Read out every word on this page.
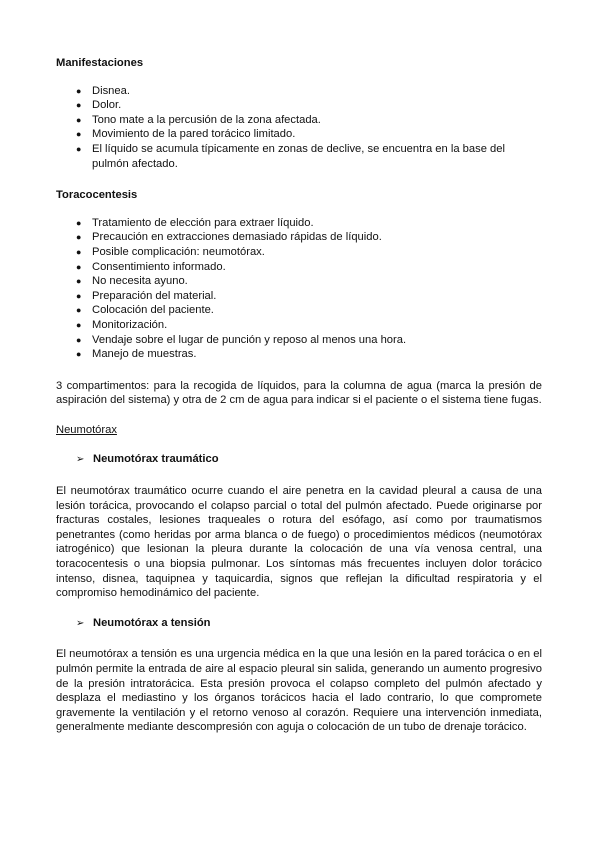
Manifestaciones
● Disnea.
● Dolor.
● Tono mate a la percusión de la zona afectada.
● Movimiento de la pared torácico limitado.
● El líquido se acumula típicamente en zonas de declive, se encuentra en la base del pulmón afectado.
Toracocentesis
● Tratamiento de elección para extraer líquido.
● Precaución en extracciones demasiado rápidas de líquido.
● Posible complicación: neumotórax.
● Consentimiento informado.
● No necesita ayuno.
● Preparación del material.
● Colocación del paciente.
● Monitorización.
● Vendaje sobre el lugar de punción y reposo al menos una hora.
● Manejo de muestras.

3 compartimentos: para la recogida de líquidos, para la columna de agua (marca la presión de aspiración del sistema) y otra de 2 cm de agua para indicar si el paciente o el sistema tiene fugas.

Neumotórax
➢ Neumotórax traumático

El neumotórax traumático ocurre cuando el aire penetra en la cavidad pleural a causa de una lesión torácica, provocando el colapso parcial o total del pulmón afectado. Puede originarse por fracturas costales, lesiones traqueales o rotura del esófago, así como por traumatismos penetrantes (como heridas por arma blanca o de fuego) o procedimientos médicos (neumotórax iatrogénico) que lesionan la pleura durante la colocación de una vía venosa central, una toracocentesis o una biopsia pulmonar. Los síntomas más frecuentes incluyen dolor torácico intenso, disnea, taquipnea y taquicardia, signos que reflejan la dificultad respiratoria y el compromiso hemodinámico del paciente.

➢ Neumotórax a tensión

El neumotórax a tensión es una urgencia médica en la que una lesión en la pared torácica o en el pulmón permite la entrada de aire al espacio pleural sin salida, generando un aumento progresivo de la presión intratorácica. Esta presión provoca el colapso completo del pulmón afectado y desplaza el mediastino y los órganos torácicos hacia el lado contrario, lo que compromete gravemente la ventilación y el retorno venoso al corazón. Requiere una intervención inmediata, generalmente mediante descompresión con aguja o colocación de un tubo de drenaje torácico.
